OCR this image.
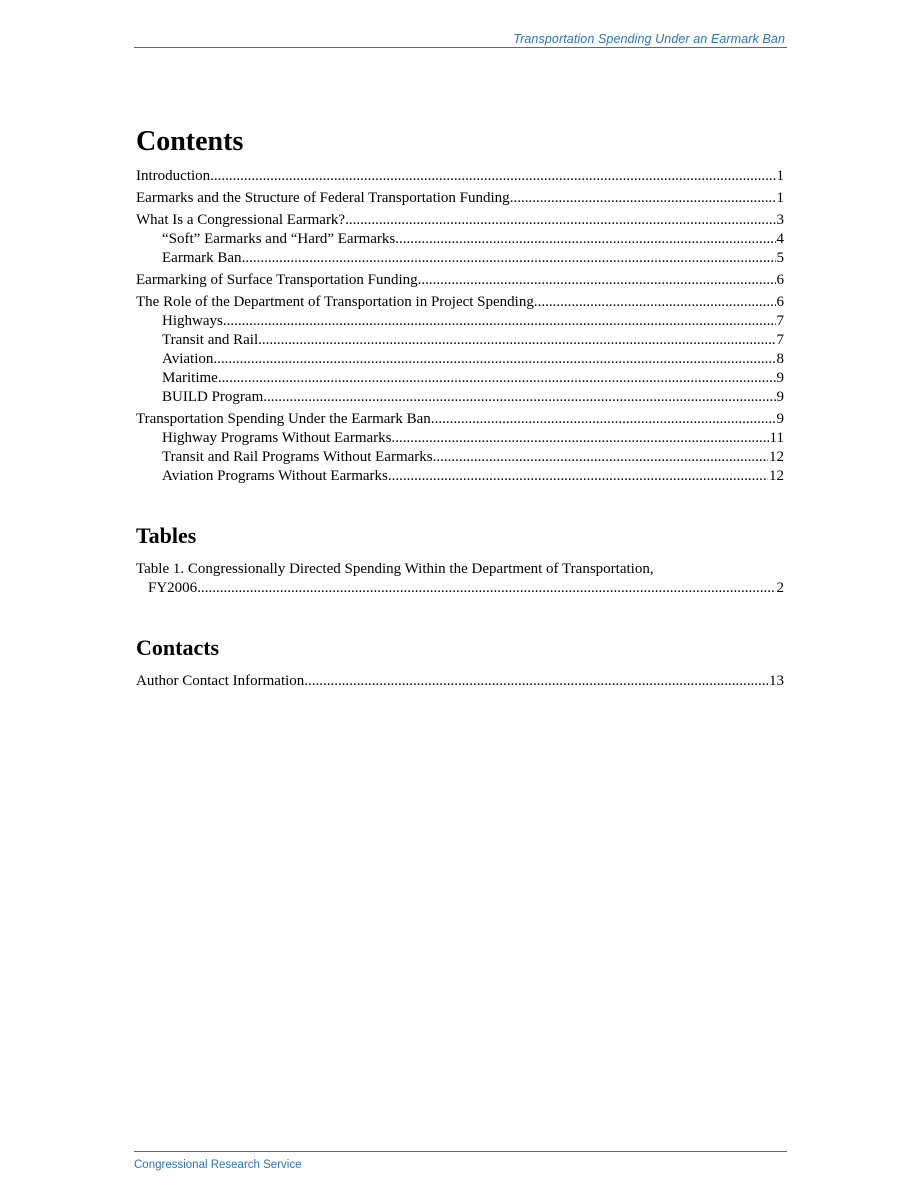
Transportation Spending Under an Earmark Ban
Contents
Introduction .....	1
Earmarks and the Structure of Federal Transportation Funding .....	1
What Is a Congressional Earmark? .....	3
“Soft” Earmarks and “Hard” Earmarks .....	4
Earmark Ban .....	5
Earmarking of Surface Transportation Funding .....	6
The Role of the Department of Transportation in Project Spending .....	6
Highways .....	7
Transit and Rail .....	7
Aviation .....	8
Maritime .....	9
BUILD Program .....	9
Transportation Spending Under the Earmark Ban .....	9
Highway Programs Without Earmarks .....	11
Transit and Rail Programs Without Earmarks .....	12
Aviation Programs Without Earmarks .....	12
Tables
Table 1. Congressionally Directed Spending Within the Department of Transportation,
FY2006 .....	2
Contacts
Author Contact Information .....	13
Congressional Research Service
